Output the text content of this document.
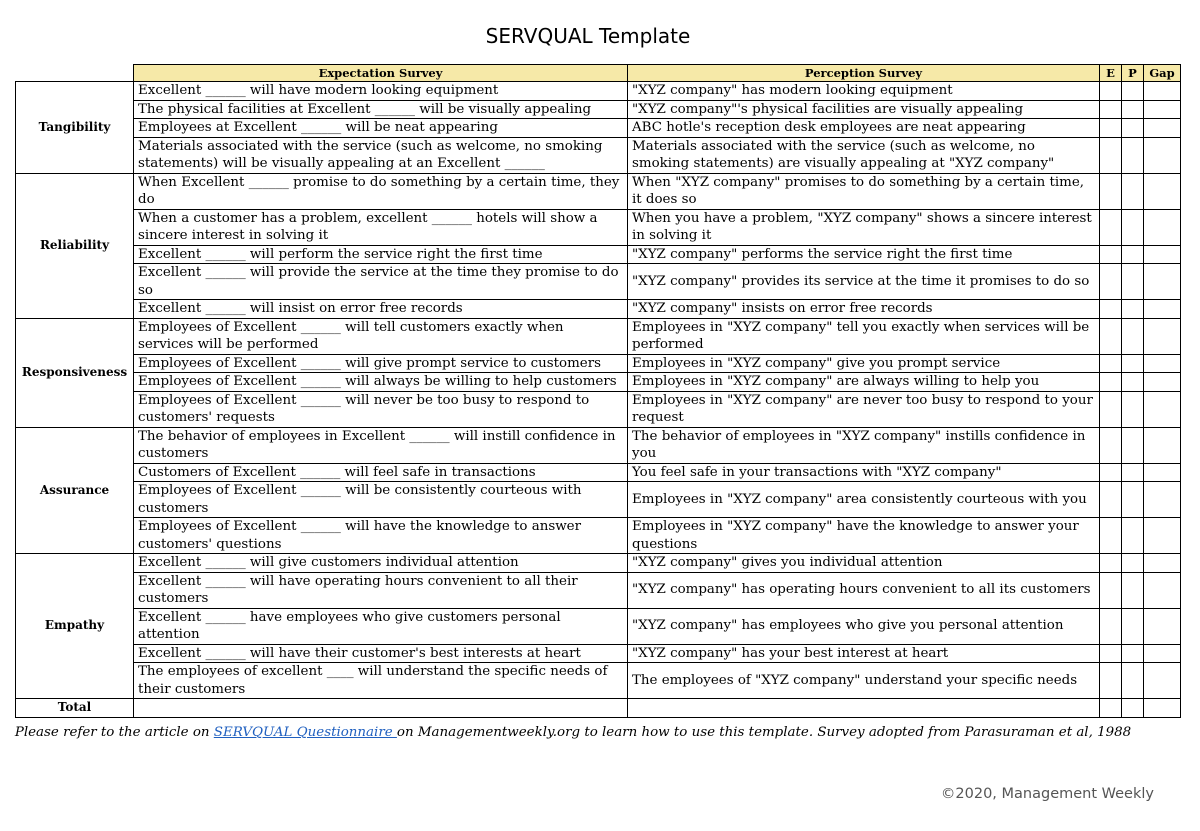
SERVQUAL Template
	Expectation Survey	Perception Survey	E	P	Gap
Tangibility	Excellent ______ will have modern looking equipment	"XYZ company" has modern looking equipment			
	The physical facilities at Excellent ______ will be visually appealing	"XYZ company"'s physical facilities are visually appealing			
	Employees at Excellent ______ will be neat appearing	ABC hotle's reception desk employees are neat appearing			
	Materials associated with the service (such as welcome, no smoking statements) will be visually appealing at an Excellent ______	Materials associated with the service (such as welcome, no smoking statements) are visually appealing at "XYZ company"			
Reliability	When Excellent ______ promise to do something by a certain time, they do	When "XYZ company" promises to do something by a certain time, it does so			
	When a customer has a problem, excellent ______ hotels will show a sincere interest in solving it	When you have a problem, "XYZ company" shows a sincere interest in solving it			
	Excellent ______ will perform the service right the first time	"XYZ company" performs the service right the first time			
	Excellent ______ will provide the service at the time they promise to do so	"XYZ company" provides its service at the time it promises to do so			
	Excellent ______ will insist on error free records	"XYZ company" insists on error free records			
Responsiveness	Employees of Excellent ______ will tell customers exactly when services will be performed	Employees in "XYZ company" tell you exactly when services will be performed			
	Employees of Excellent ______ will give prompt service to customers	Employees in "XYZ company" give you prompt service			
	Employees of Excellent ______ will always be willing to help customers	Employees in "XYZ company" are always willing to help you			
	Employees of Excellent ______ will never be too busy to respond to customers' requests	Employees in "XYZ company" are never too busy to respond to your request			
Assurance	The behavior of employees in Excellent ______ will instill confidence in customers	The behavior of employees in "XYZ company" instills confidence in you			
	Customers of Excellent ______ will feel safe in transactions	You feel safe in your transactions with "XYZ company"			
	Employees of Excellent ______ will be consistently courteous with customers	Employees in "XYZ company" area consistently courteous with you			
	Employees of Excellent ______ will have the knowledge to answer customers' questions	Employees in "XYZ company" have the knowledge to answer your questions			
Empathy	Excellent ______ will give customers individual attention	"XYZ company" gives you individual attention			
	Excellent ______ will have operating hours convenient to all their customers	"XYZ company" has operating hours convenient to all its customers			
	Excellent ______ have employees who give customers personal attention	"XYZ company" has employees who give you personal attention			
	Excellent ______ will have their customer's best interests at heart	"XYZ company" has your best interest at heart			
	The employees of excellent ____ will understand the specific needs of their customers	The employees of "XYZ company" understand your specific needs			
Total					
Please refer to the article on SERVQUAL Questionnaire on Managementweekly.org to learn how to use this template. Survey adopted from Parasuraman et al, 1988
©2020, Management Weekly
